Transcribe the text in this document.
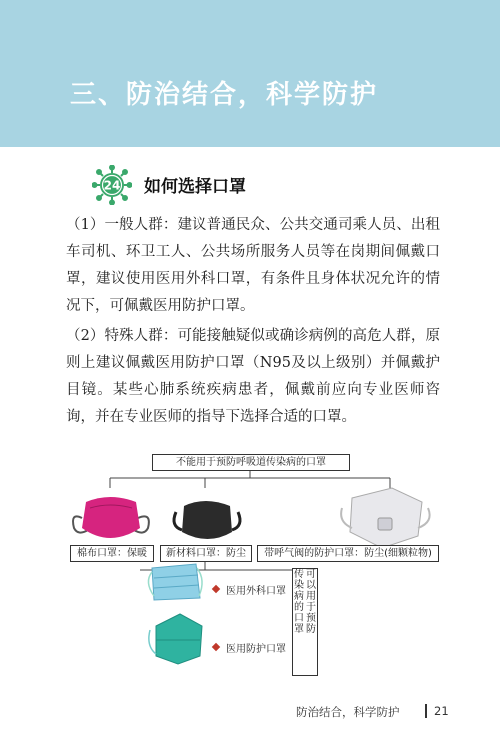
三、防治结合，科学防护
24 如何选择口罩
（1）一般人群：建议普通民众、公共交通司乘人员、出租车司机、环卫工人、公共场所服务人员等在岗期间佩戴口罩，建议使用医用外科口罩，有条件且身体状况允许的情况下，可佩戴医用防护口罩。
（2）特殊人群：可能接触疑似或确诊病例的高危人群，原则上建议佩戴医用防护口罩（N95及以上级别）并佩戴护目镜。某些心肺系统疾病患者，佩戴前应向专业医师咨询，并在专业医师的指导下选择合适的口罩。
不能用于预防呼吸道传染病的口罩
棉布口罩：保暖	新材料口罩：防尘	带呼气阀的防护口罩：防尘(细颗粒物)
医用外科口罩
医用防护口罩
可以用于预防
传染病的口罩
防治结合，科学防护	21
